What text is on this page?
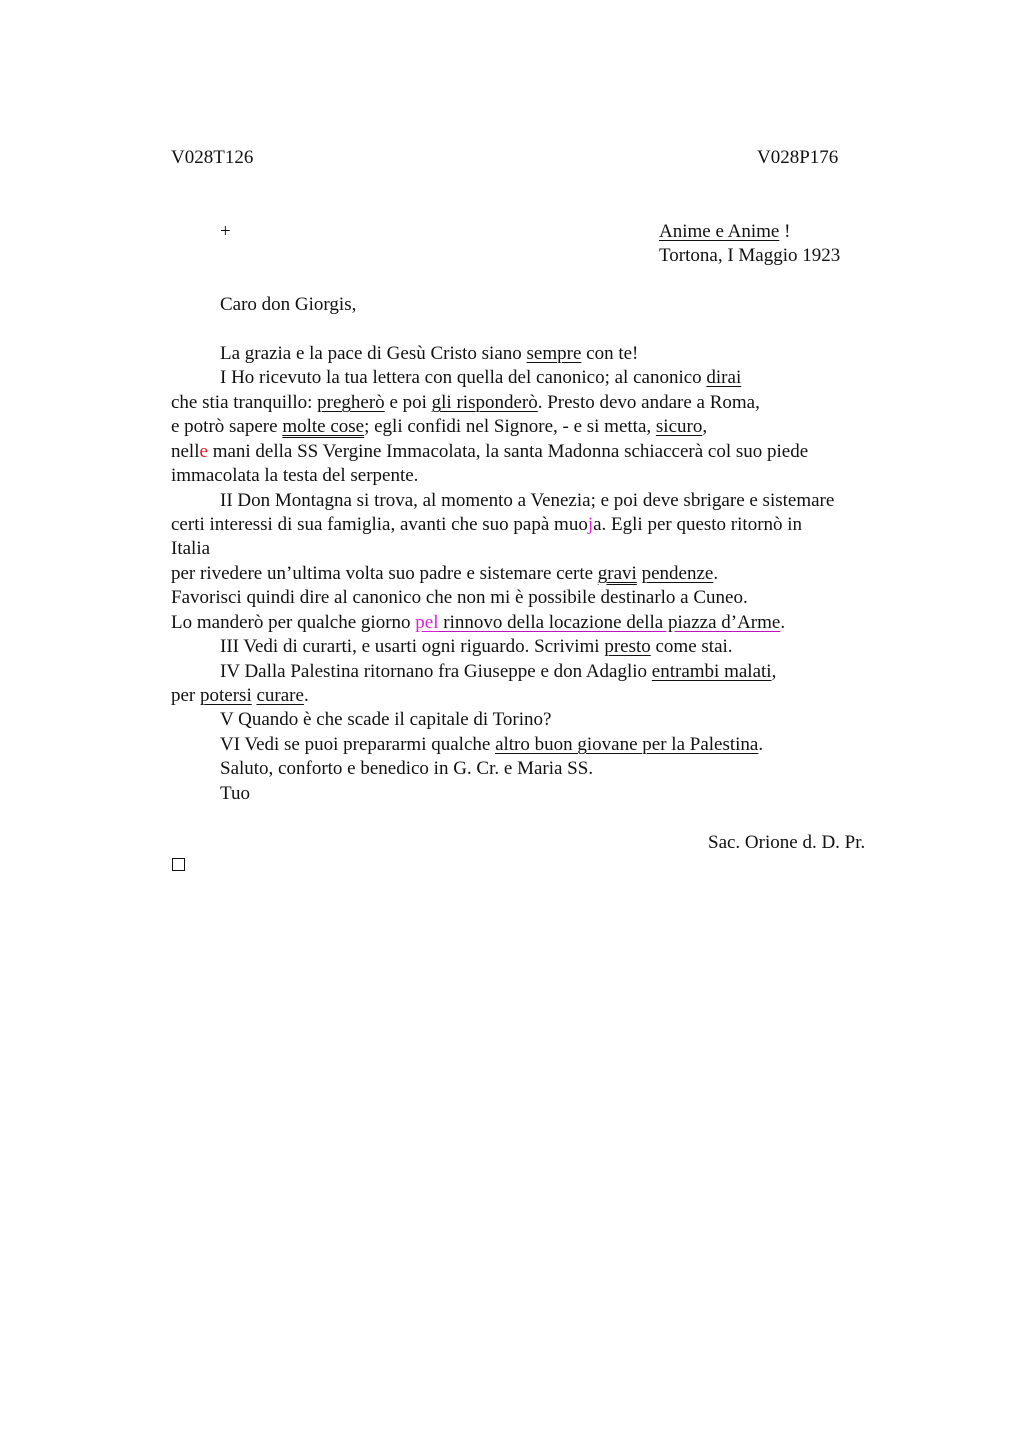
V028T126	V028P176
+	Anime e Anime !
Tortona, I Maggio 1923
Caro don Giorgis,
La grazia e la pace di Gesù Cristo siano sempre con te!
I Ho ricevuto la tua lettera con quella del canonico; al canonico dirai
che stia tranquillo: pregherò e poi gli risponderò. Presto devo andare a Roma,
e potrò sapere molte cose; egli confidi nel Signore, - e si metta, sicuro,
nelle mani della SS Vergine Immacolata, la santa Madonna schiaccerà col suo piede
immacolata la testa del serpente.
II Don Montagna si trova, al momento a Venezia; e poi deve sbrigare e sistemare
certi interessi di sua famiglia, avanti che suo papà muoja. Egli per questo ritornò in
Italia
per rivedere un’ultima volta suo padre e sistemare certe gravi pendenze.
Favorisci quindi dire al canonico che non mi è possibile destinarlo a Cuneo.
Lo manderò per qualche giorno pel rinnovo della locazione della piazza d’Arme.
III Vedi di curarti, e usarti ogni riguardo. Scrivimi presto come stai.
IV Dalla Palestina ritornano fra Giuseppe e don Adaglio entrambi malati,
per potersi curare.
V Quando è che scade il capitale di Torino?
VI Vedi se puoi prepararmi qualche altro buon giovane per la Palestina.
Saluto, conforto e benedico in G. Cr. e Maria SS.
Tuo
Sac. Orione d. D. Pr.
